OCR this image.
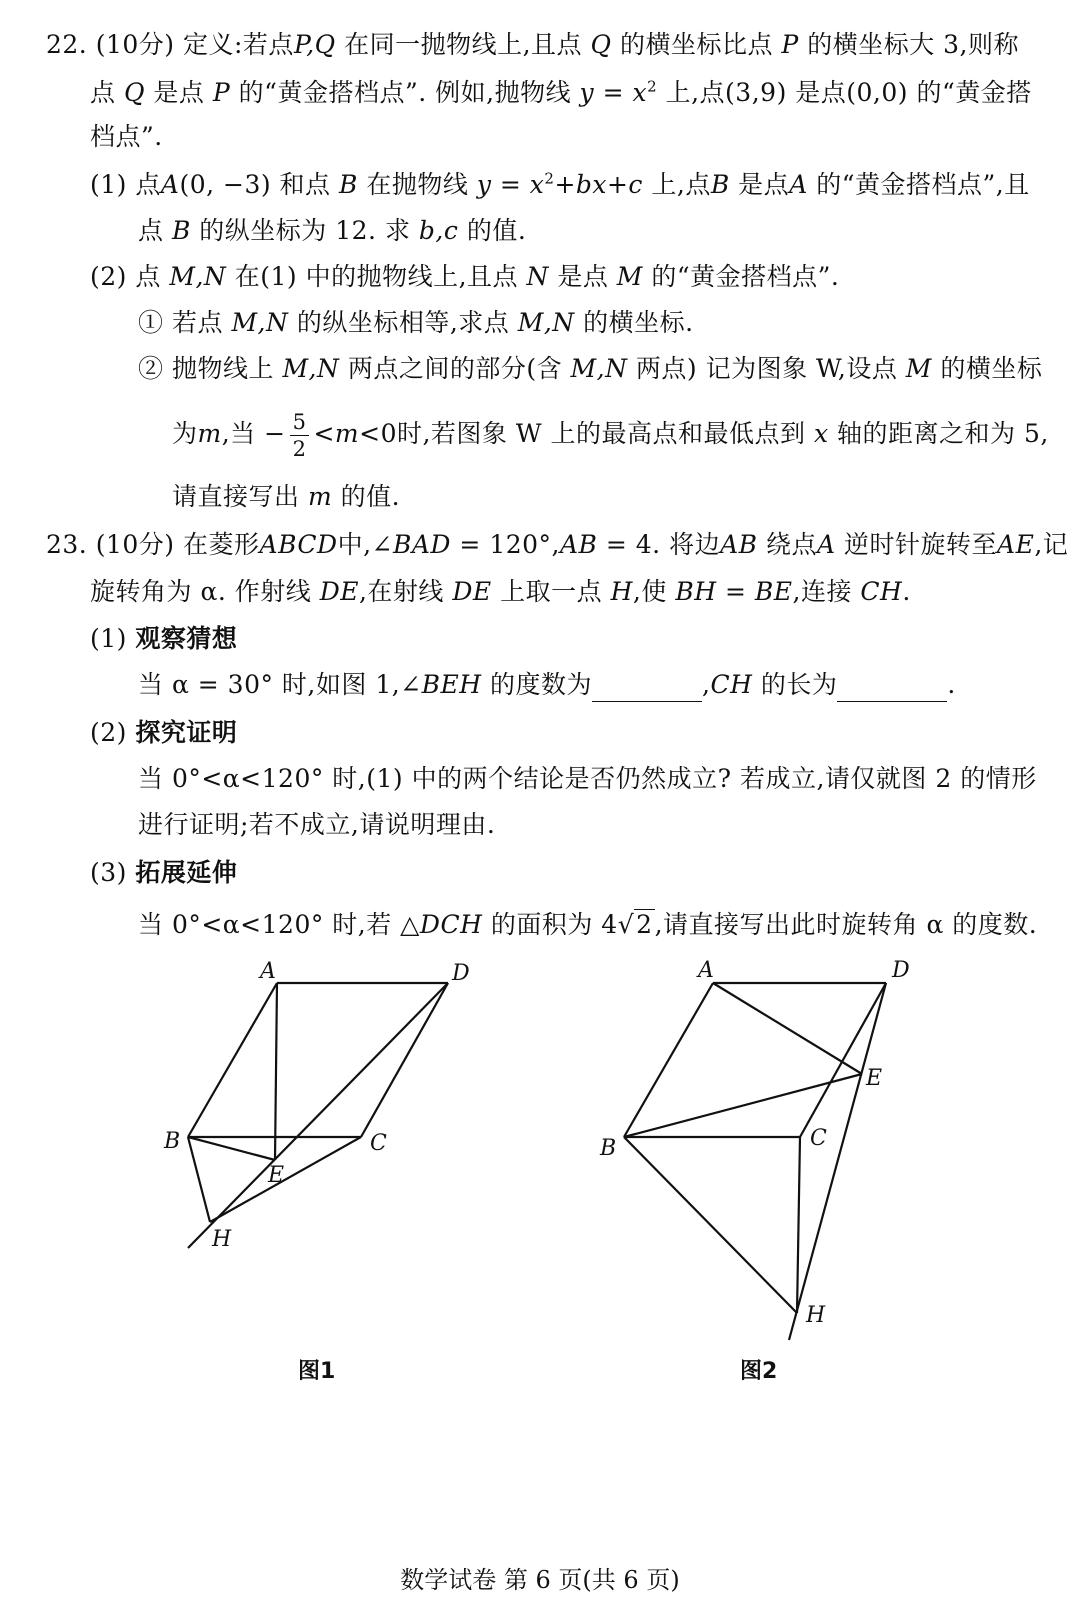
22. (10分) 定义:若点P,Q 在同一抛物线上,且点 Q 的横坐标比点 P 的横坐标大 3,则称
点 Q 是点 P 的“黄金搭档点”. 例如,抛物线 $y = x^2$ 上,点(3,9) 是点(0,0) 的“黄金搭
档点”.
(1) 点A(0, −3) 和点 B 在抛物线 $y = x^2+bx+c$ 上,点B 是点A 的“黄金搭档点”,且
点 B 的纵坐标为 12. 求 b,c 的值.
(2) 点 M,N 在(1) 中的抛物线上,且点 N 是点 M 的“黄金搭档点”.
① 若点 M,N 的纵坐标相等,求点 M,N 的横坐标.
② 抛物线上 M,N 两点之间的部分(含 M,N 两点) 记为图象 W,设点 M 的横坐标
为m,当 − $\frac{5}{2} <m<0$时,若图象 W 上的最高点和最低点到 x 轴的距离之和为 5,
请直接写出 m 的值.
23. (10分) 在菱形ABCD中,∠BAD = 120°,AB = 4. 将边AB 绕点A 逆时针旋转至AE,记
旋转角为 α. 作射线 DE,在射线 DE 上取一点 H,使 BH = BE,连接 CH.
(1) 观察猜想
当 α = 30° 时,如图 1,∠BEH 的度数为	,CH 的长为	.
(2) 探究证明
当 0°<α<120° 时,(1) 中的两个结论是否仍然成立? 若成立,请仅就图 2 的情形
进行证明;若不成立,请说明理由.
(3) 拓展延伸
当 0°<α<120° 时,若 △DCH 的面积为 4√2,请直接写出此时旋转角 α 的度数.
A	D
B	C
E
H
A	D
B	C
E
H
图1	图2
数学试卷 第 6 页(共 6 页)
